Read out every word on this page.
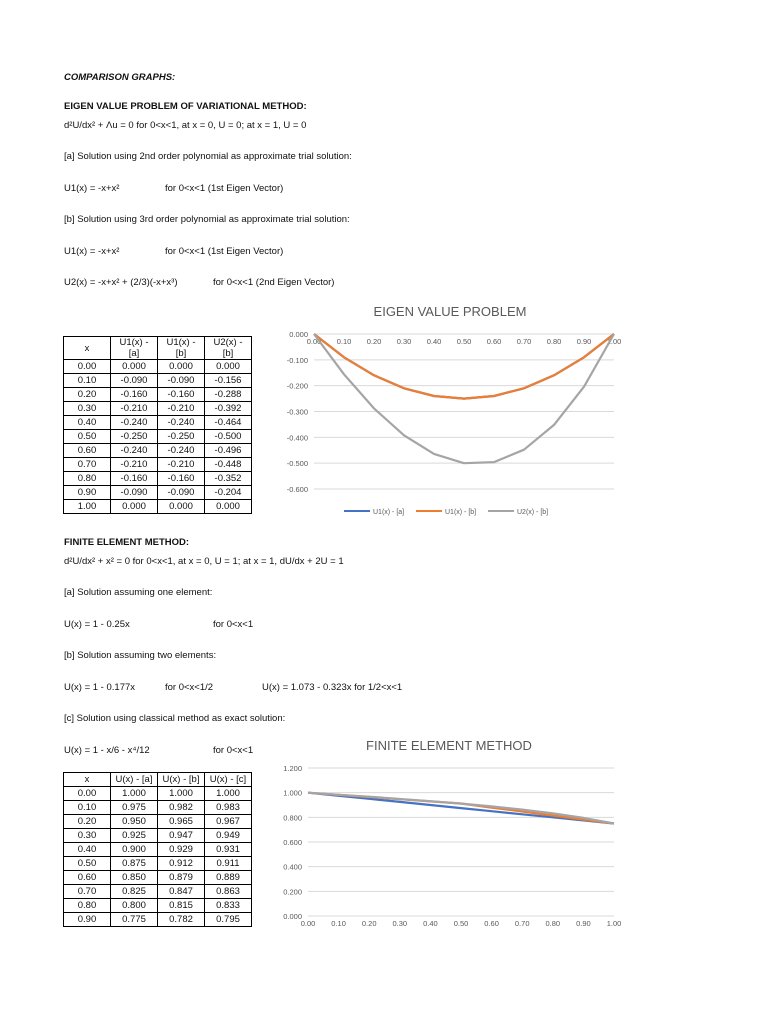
COMPARISON GRAPHS:
EIGEN VALUE PROBLEM OF VARIATIONAL METHOD:
d²U/dx² + Λu = 0 for 0<x<1, at x = 0, U = 0; at x = 1, U = 0
[a] Solution using 2nd order polynomial as approximate trial solution:
U1(x) = -x+x²	for 0<x<1 (1st Eigen Vector)
[b] Solution using 3rd order polynomial as approximate trial solution:
U1(x) = -x+x²	for 0<x<1 (1st Eigen Vector)
U2(x) = -x+x² + (2/3)(-x+x³)	for 0<x<1 (2nd Eigen Vector)
x	U1(x) - [a]	U1(x) - [b]	U2(x) - [b]
0.00	0.000	0.000	0.000
0.10	-0.090	-0.090	-0.156
0.20	-0.160	-0.160	-0.288
0.30	-0.210	-0.210	-0.392
0.40	-0.240	-0.240	-0.464
0.50	-0.250	-0.250	-0.500
0.60	-0.240	-0.240	-0.496
0.70	-0.210	-0.210	-0.448
0.80	-0.160	-0.160	-0.352
0.90	-0.090	-0.090	-0.204
1.00	0.000	0.000	0.000
EIGEN VALUE PROBLEM
0.000
-0.100
-0.200
-0.300
-0.400
-0.500
-0.600
0.00 0.10 0.20 0.30 0.40 0.50 0.60 0.70 0.80 0.90 1.00
U1(x) - [a]	U1(x) - [b]	U2(x) - [b]
FINITE ELEMENT METHOD:
d²U/dx² + x² = 0 for 0<x<1, at x = 0, U = 1; at x = 1, dU/dx + 2U = 1
[a] Solution assuming one element:
U(x) = 1 - 0.25x	for 0<x<1
[b] Solution assuming two elements:
U(x) = 1 - 0.177x	for 0<x<1/2	U(x) = 1.073 - 0.323x for 1/2<x<1
[c] Solution using classical method as exact solution:
U(x) = 1 - x/6 - x⁴/12	for 0<x<1
x	U(x) - [a]	U(x) - [b]	U(x) - [c]
0.00	1.000	1.000	1.000
0.10	0.975	0.982	0.983
0.20	0.950	0.965	0.967
0.30	0.925	0.947	0.949
0.40	0.900	0.929	0.931
0.50	0.875	0.912	0.911
0.60	0.850	0.879	0.889
0.70	0.825	0.847	0.863
0.80	0.800	0.815	0.833
0.90	0.775	0.782	0.795
FINITE ELEMENT METHOD
1.200
1.000
0.800
0.600
0.400
0.200
0.000
0.00 0.10 0.20 0.30 0.40 0.50 0.60 0.70 0.80 0.90 1.00
